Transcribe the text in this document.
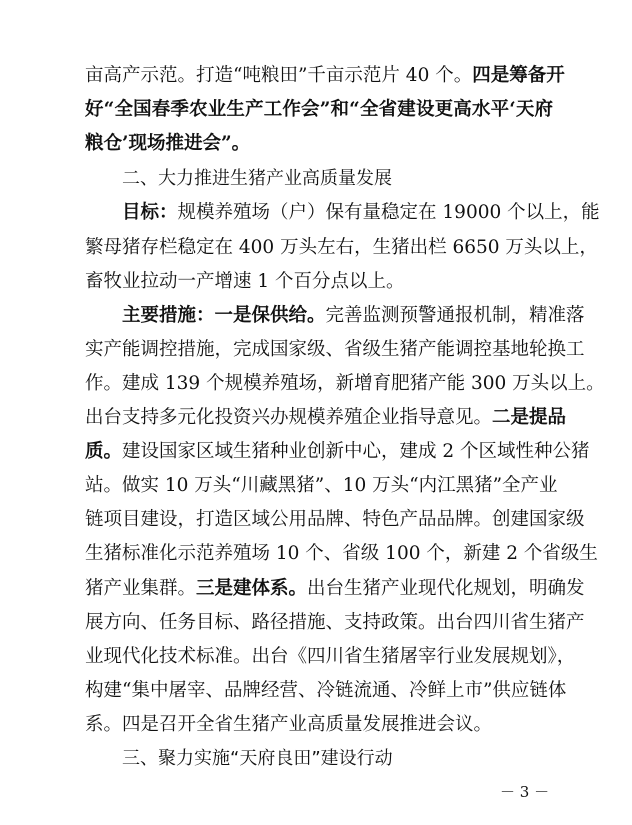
亩高产示范。打造“吨粮田”千亩示范片 40 个。四是筹备开
好“全国春季农业生产工作会”和“全省建设更高水平‘天府
粮仓’现场推进会”。
二、大力推进生猪产业高质量发展
目标：规模养殖场（户）保有量稳定在 19000 个以上，能
繁母猪存栏稳定在 400 万头左右，生猪出栏 6650 万头以上，
畜牧业拉动一产增速 1 个百分点以上。
主要措施：一是保供给。完善监测预警通报机制，精准落
实产能调控措施，完成国家级、省级生猪产能调控基地轮换工
作。建成 139 个规模养殖场，新增育肥猪产能 300 万头以上。
出台支持多元化投资兴办规模养殖企业指导意见。二是提品
质。建设国家区域生猪种业创新中心，建成 2 个区域性种公猪
站。做实 10 万头“川藏黑猪”、10 万头“内江黑猪”全产业
链项目建设，打造区域公用品牌、特色产品品牌。创建国家级
生猪标准化示范养殖场 10 个、省级 100 个，新建 2 个省级生
猪产业集群。三是建体系。出台生猪产业现代化规划，明确发
展方向、任务目标、路径措施、支持政策。出台四川省生猪产
业现代化技术标准。出台《四川省生猪屠宰行业发展规划》，
构建“集中屠宰、品牌经营、冷链流通、冷鲜上市”供应链体
系。四是召开全省生猪产业高质量发展推进会议。
三、聚力实施“天府良田”建设行动
－ 3 －
